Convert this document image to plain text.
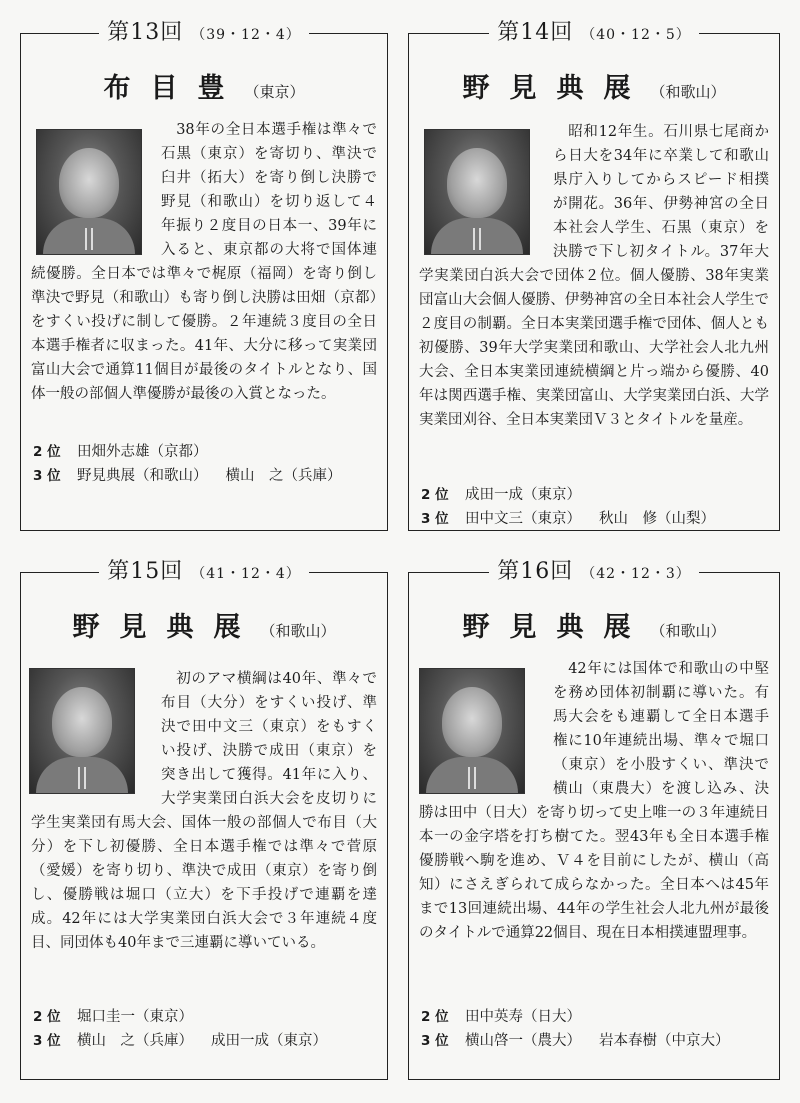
第13回 （39・12・4）
布目豊（東京）
　38年の全日本選手権は準々で石黒（東京）を寄切り、準決で臼井（拓大）を寄り倒し決勝で野見（和歌山）を切り返して４年振り２度目の日本一、39年に入ると、東京都の大将で国体連続優勝。全日本では準々で梶原（福岡）を寄り倒し準決で野見（和歌山）も寄り倒し決勝は田畑（京都）をすくい投げに制して優勝。２年連続３度目の全日本選手権者に収まった。41年、大分に移って実業団富山大会で通算11個目が最後のタイトルとなり、国体一般の部個人準優勝が最後の入賞となった。
2 位 田畑外志雄（京都）
3 位 野見典展（和歌山） 横山　之（兵庫）
第14回 （40・12・5）
野見典展（和歌山）
　昭和12年生。石川県七尾商から日大を34年に卒業して和歌山県庁入りしてからスピード相撲が開花。36年、伊勢神宮の全日本社会人学生、石黒（東京）を決勝で下し初タイトル。37年大学実業団白浜大会で団体２位。個人優勝、38年実業団富山大会個人優勝、伊勢神宮の全日本社会人学生で２度目の制覇。全日本実業団選手権で団体、個人とも初優勝、39年大学実業団和歌山、大学社会人北九州大会、全日本実業団連続横綱と片っ端から優勝、40年は関西選手権、実業団富山、大学実業団白浜、大学実業団刈谷、全日本実業団Ｖ３とタイトルを量産。
2 位 成田一成（東京）
3 位 田中文三（東京） 秋山　修（山梨）
第15回 （41・12・4）
野見典展（和歌山）
　初のアマ横綱は40年、準々で布目（大分）をすくい投げ、準決で田中文三（東京）をもすくい投げ、決勝で成田（東京）を突き出して獲得。41年に入り、大学実業団白浜大会を皮切りに学生実業団有馬大会、国体一般の部個人で布目（大分）を下し初優勝、全日本選手権では準々で菅原（愛媛）を寄り切り、準決で成田（東京）を寄り倒し、優勝戦は堀口（立大）を下手投げで連覇を達成。42年には大学実業団白浜大会で３年連続４度目、同団体も40年まで三連覇に導いている。
2 位 堀口圭一（東京）
3 位 横山　之（兵庫） 成田一成（東京）
第16回 （42・12・3）
野見典展（和歌山）
　42年には国体で和歌山の中堅を務め団体初制覇に導いた。有馬大会をも連覇して全日本選手権に10年連続出場、準々で堀口（東京）を小股すくい、準決で横山（東農大）を渡し込み、決勝は田中（日大）を寄り切って史上唯一の３年連続日本一の金字塔を打ち樹てた。翌43年も全日本選手権優勝戦へ駒を進め、Ｖ４を目前にしたが、横山（高知）にさえぎられて成らなかった。全日本へは45年まで13回連続出場、44年の学生社会人北九州が最後のタイトルで通算22個目、現在日本相撲連盟理事。
2 位 田中英寿（日大）
3 位 横山啓一（農大） 岩本春樹（中京大）
